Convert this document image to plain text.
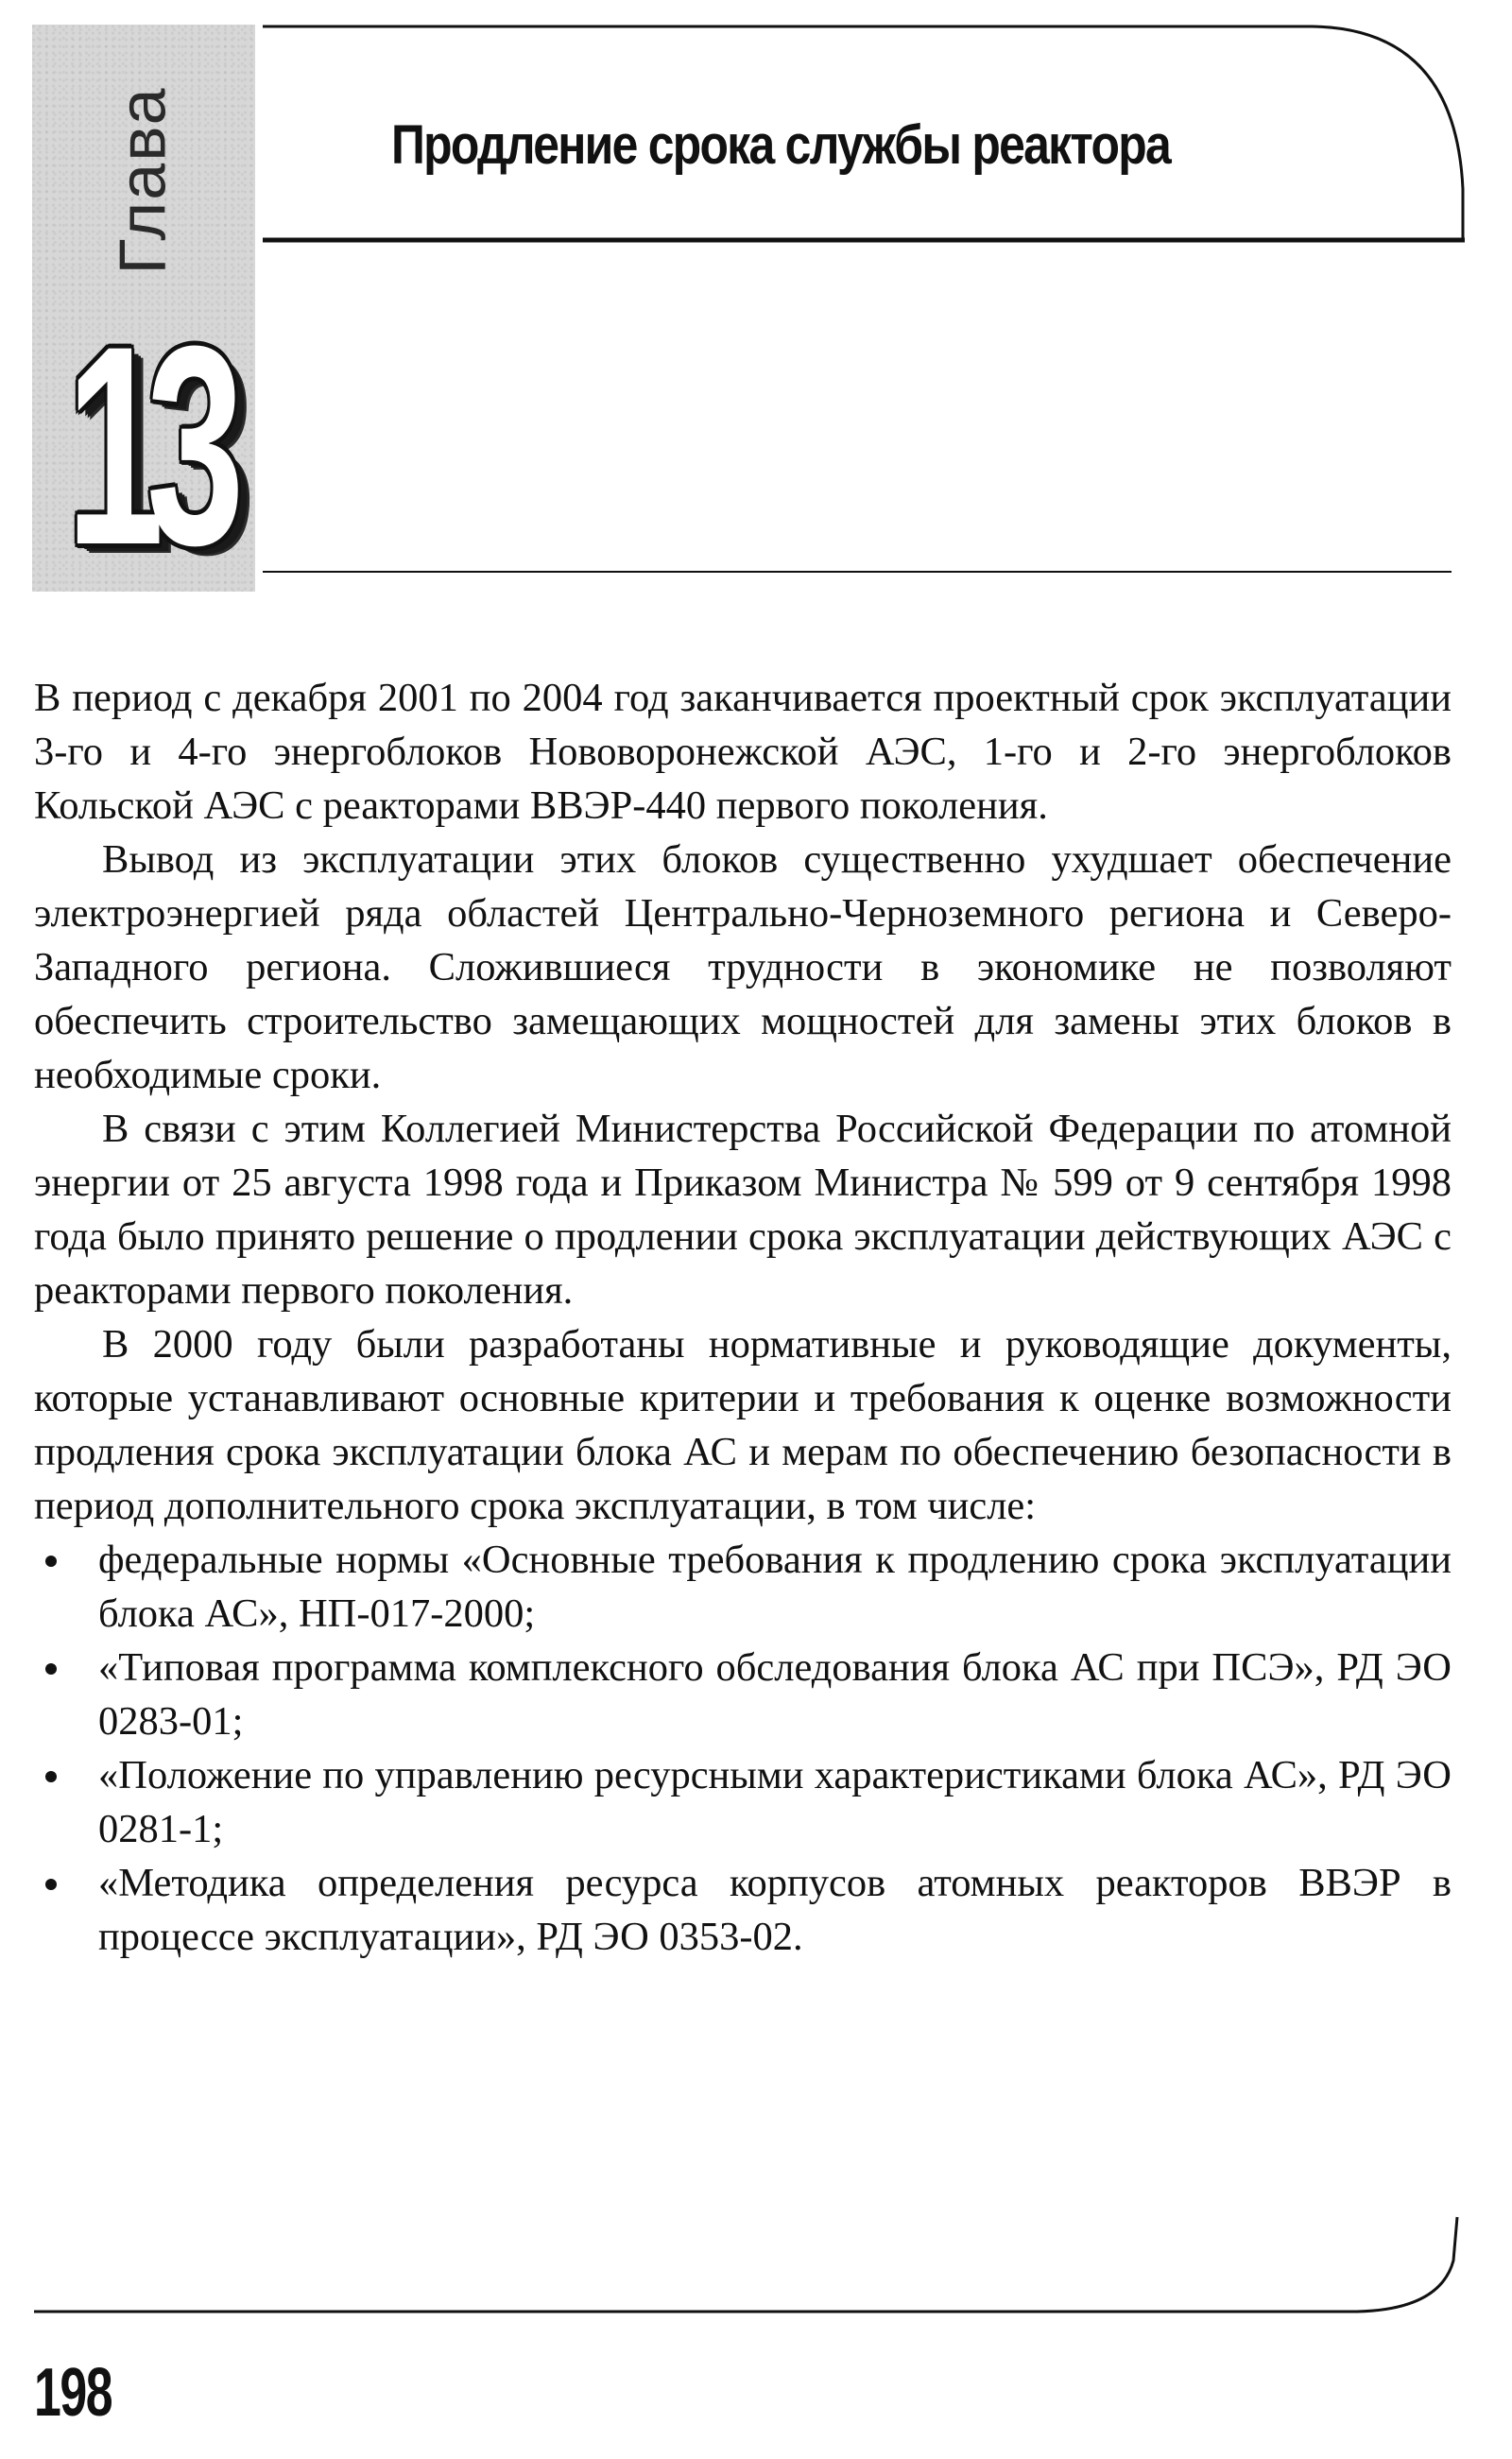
Глава
13
Продление срока службы реактора

В период с декабря 2001 по 2004 год заканчивается проектный срок эксплуатации 3-го и 4-го энергоблоков Нововоронежской АЭС, 1-го и 2-го энергоблоков Кольской АЭС с реакторами ВВЭР-440 первого поколения.

Вывод из эксплуатации этих блоков существенно ухудшает обеспечение электроэнергией ряда областей Центрально-Черноземного региона и Северо-Западного региона. Сложившиеся трудности в экономике не позволяют обеспечить строительство замещающих мощностей для замены этих блоков в необходимые сроки.

В связи с этим Коллегией Министерства Российской Федерации по атомной энергии от 25 августа 1998 года и Приказом Министра № 599 от 9 сентября 1998 года было принято решение о продлении срока эксплуатации действующих АЭС с реакторами первого поколения.

В 2000 году были разработаны нормативные и руководящие документы, которые устанавливают основные критерии и требования к оценке возможности продления срока эксплуатации блока АС и мерам по обеспечению безопасности в период дополнительного срока эксплуатации, в том числе:

федеральные нормы «Основные требования к продлению срока эксплуатации блока АС», НП-017-2000;
«Типовая программа комплексного обследования блока АС при ПСЭ», РД ЭО 0283-01;
«Положение по управлению ресурсными характеристиками блока АС», РД ЭО 0281-1;
«Методика определения ресурса корпусов атомных реакторов ВВЭР в процессе эксплуатации», РД ЭО 0353-02.
198
